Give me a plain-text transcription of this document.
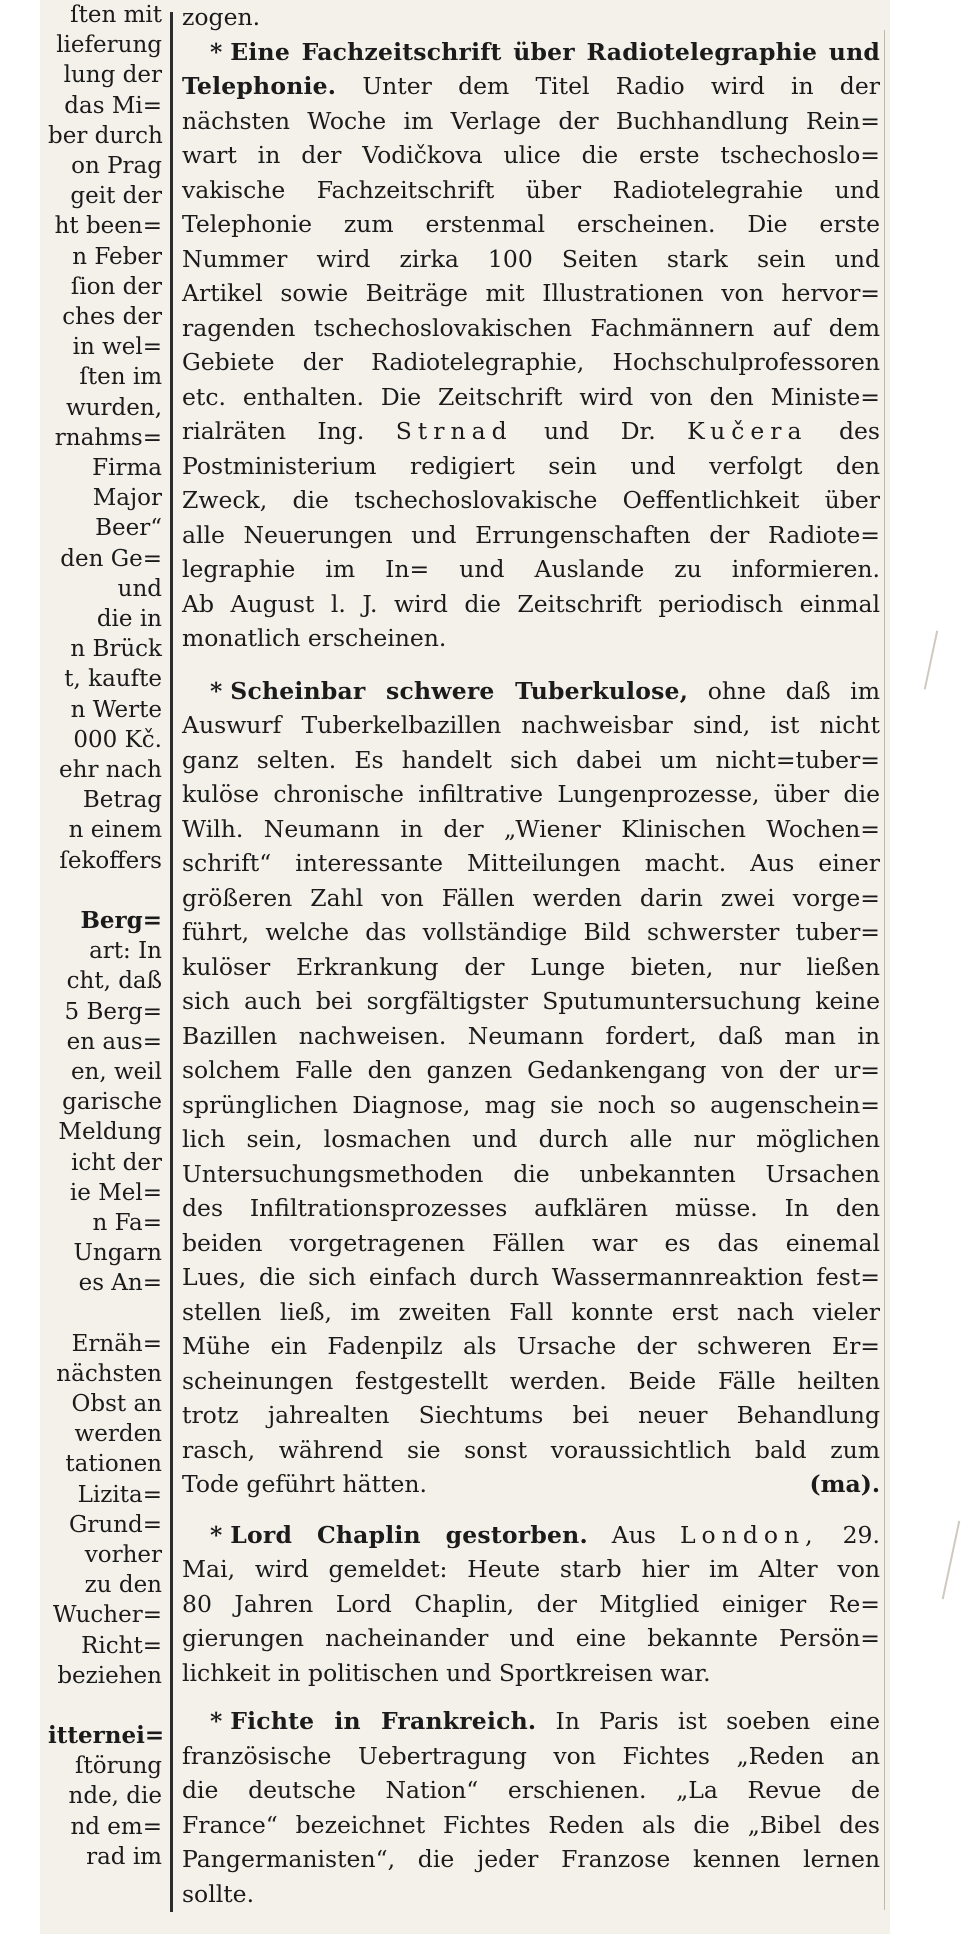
ſten mit
lieferung
lung der
das Mi=
ber durch
on Prag
geit der
ht been=
n Feber
ſion der
ches der
in wel=
ſten im
wurden,
rnahms=
Firma
Major
Beer“
den Ge=
und
die in
n Brück
t, kaufte
n Werte
000 Kč.
ehr nach
Betrag
n einem
ſekoffers
Berg=
art: In
cht, daß
5 Berg=
en aus=
en, weil
garische
Meldung
icht der
ie Mel=
n Fa=
Ungarn
es An=
Ernäh=
nächsten
Obst an
werden
tationen
Lizita=
Grund=
vorher
zu den
Wucher=
Richt=
beziehen
itternei=
ſtörung
nde, die
nd em=
rad im

zogen.

* Eine Fachzeitschrift über Radiotelegraphie und
Telephonie. Unter dem Titel Radio wird in der
nächsten Woche im Verlage der Buchhandlung Rein=
wart in der Vodičkova ulice die erste tschechoslo=
vakische Fachzeitschrift über Radiotelegrahie und
Telephonie zum erstenmal erscheinen. Die erste
Nummer wird zirka 100 Seiten stark sein und
Artikel sowie Beiträge mit Illustrationen von hervor=
ragenden tschechoslovakischen Fachmännern auf dem
Gebiete der Radiotelegraphie, Hochschulprofessoren
etc. enthalten. Die Zeitschrift wird von den Ministe=
rialräten Ing. Strnad und Dr. Kučera des
Postministerium redigiert sein und verfolgt den
Zweck, die tschechoslovakische Oeffentlichkeit über
alle Neuerungen und Errungenschaften der Radiote=
legraphie im In= und Auslande zu informieren.
Ab August l. J. wird die Zeitschrift periodisch einmal
monatlich erscheinen.
* Scheinbar schwere Tuberkulose, ohne daß im
Auswurf Tuberkelbazillen nachweisbar sind, ist nicht
ganz selten. Es handelt sich dabei um nicht=tuber=
kulöse chronische infiltrative Lungenprozesse, über die
Wilh. Neumann in der „Wiener Klinischen Wochen=
schrift“ interessante Mitteilungen macht. Aus einer
größeren Zahl von Fällen werden darin zwei vorge=
führt, welche das vollständige Bild schwerster tuber=
kulöser Erkrankung der Lunge bieten, nur ließen
sich auch bei sorgfältigster Sputumuntersuchung keine
Bazillen nachweisen. Neumann fordert, daß man in
solchem Falle den ganzen Gedankengang von der ur=
sprünglichen Diagnose, mag sie noch so augenschein=
lich sein, losmachen und durch alle nur möglichen
Untersuchungsmethoden die unbekannten Ursachen
des Infiltrationsprozesses aufklären müsse. In den
beiden vorgetragenen Fällen war es das einemal
Lues, die sich einfach durch Wassermannreaktion fest=
stellen ließ, im zweiten Fall konnte erst nach vieler
Mühe ein Fadenpilz als Ursache der schweren Er=
scheinungen festgestellt werden. Beide Fälle heilten
trotz jahrealten Siechtums bei neuer Behandlung
rasch, während sie sonst voraussichtlich bald zum
Tode geführt hätten.	(ma).
* Lord Chaplin gestorben. Aus London, 29.
Mai, wird gemeldet: Heute starb hier im Alter von
80 Jahren Lord Chaplin, der Mitglied einiger Re=
gierungen nacheinander und eine bekannte Persön=
lichkeit in politischen und Sportkreisen war.
* Fichte in Frankreich. In Paris ist soeben eine
französische Uebertragung von Fichtes „Reden an
die deutsche Nation“ erschienen. „La Revue de
France“ bezeichnet Fichtes Reden als die „Bibel des
Pangermanisten“, die jeder Franzose kennen lernen
sollte.
